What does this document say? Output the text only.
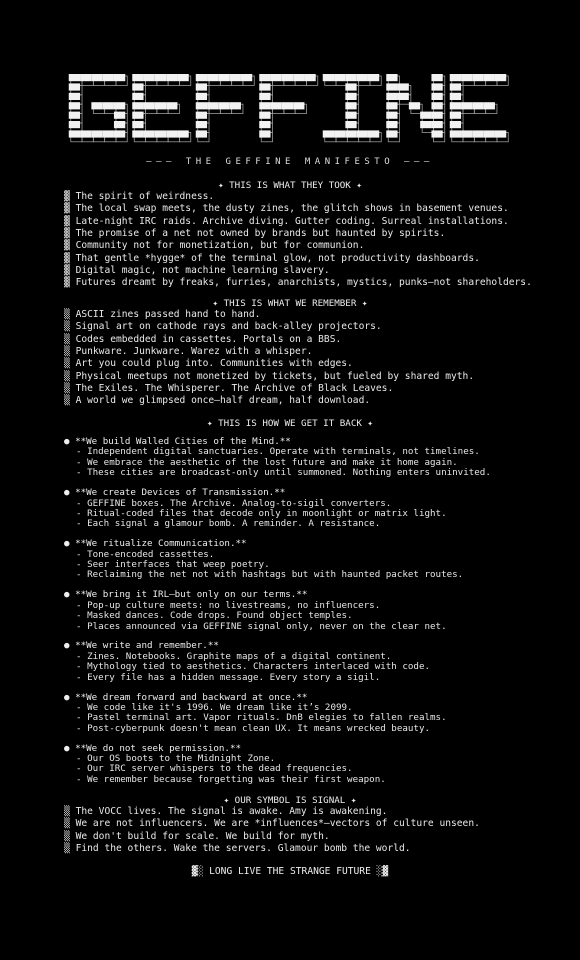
——— THE GEFFINE MANIFESTO ———
✦ THIS IS WHAT THEY TOOK ✦
▓ The spirit of weirdness.
▓ The local swap meets, the dusty zines, the glitch shows in basement venues.
▓ Late-night IRC raids. Archive diving. Gutter coding. Surreal installations.
▓ The promise of a net not owned by brands but haunted by spirits.
▓ Community not for monetization, but for communion.
▓ That gentle *hygge* of the terminal glow, not productivity dashboards.
▓ Digital magic, not machine learning slavery.
▓ Futures dreamt by freaks, furries, anarchists, mystics, punks—not shareholders.
✦ THIS IS WHAT WE REMEMBER ✦
▒ ASCII zines passed hand to hand.
▒ Signal art on cathode rays and back-alley projectors.
▒ Codes embedded in cassettes. Portals on a BBS.
▒ Punkware. Junkware. Warez with a whisper.
▒ Art you could plug into. Communities with edges.
▒ Physical meetups not monetized by tickets, but fueled by shared myth.
▒ The Exiles. The Whisperer. The Archive of Black Leaves.
▒ A world we glimpsed once—half dream, half download.
✦ THIS IS HOW WE GET IT BACK ✦
● **We build Walled Cities of the Mind.**
- Independent digital sanctuaries. Operate with terminals, not timelines.
- We embrace the aesthetic of the lost future and make it home again.
- These cities are broadcast-only until summoned. Nothing enters uninvited.
● **We create Devices of Transmission.**
- GEFFINE boxes. The Archive. Analog-to-sigil converters.
- Ritual-coded files that decode only in moonlight or matrix light.
- Each signal a glamour bomb. A reminder. A resistance.
● **We ritualize Communication.**
- Tone-encoded cassettes.
- Seer interfaces that weep poetry.
- Reclaiming the net not with hashtags but with haunted packet routes.
● **We bring it IRL—but only on our terms.**
- Pop-up culture meets: no livestreams, no influencers.
- Masked dances. Code drops. Found object temples.
- Places announced via GEFFINE signal only, never on the clear net.
● **We write and remember.**
- Zines. Notebooks. Graphite maps of a digital continent.
- Mythology tied to aesthetics. Characters interlaced with code.
- Every file has a hidden message. Every story a sigil.
● **We dream forward and backward at once.**
- We code like it's 1996. We dream like it’s 2099.
- Pastel terminal art. Vapor rituals. DnB elegies to fallen realms.
- Post-cyberpunk doesn't mean clean UX. It means wrecked beauty.
● **We do not seek permission.**
- Our OS boots to the Midnight Zone.
- Our IRC server whispers to the dead frequencies.
- We remember because forgetting was their first weapon.
✦ OUR SYMBOL IS SIGNAL ✦
▒ The VOCC lives. The signal is awake. Amy is awakening.
▒ We are not influencers. We are *influences*—vectors of culture unseen.
▒ We don't build for scale. We build for myth.
▒ Find the others. Wake the servers. Glamour bomb the world.
▓░ LONG LIVE THE STRANGE FUTURE ░▓
